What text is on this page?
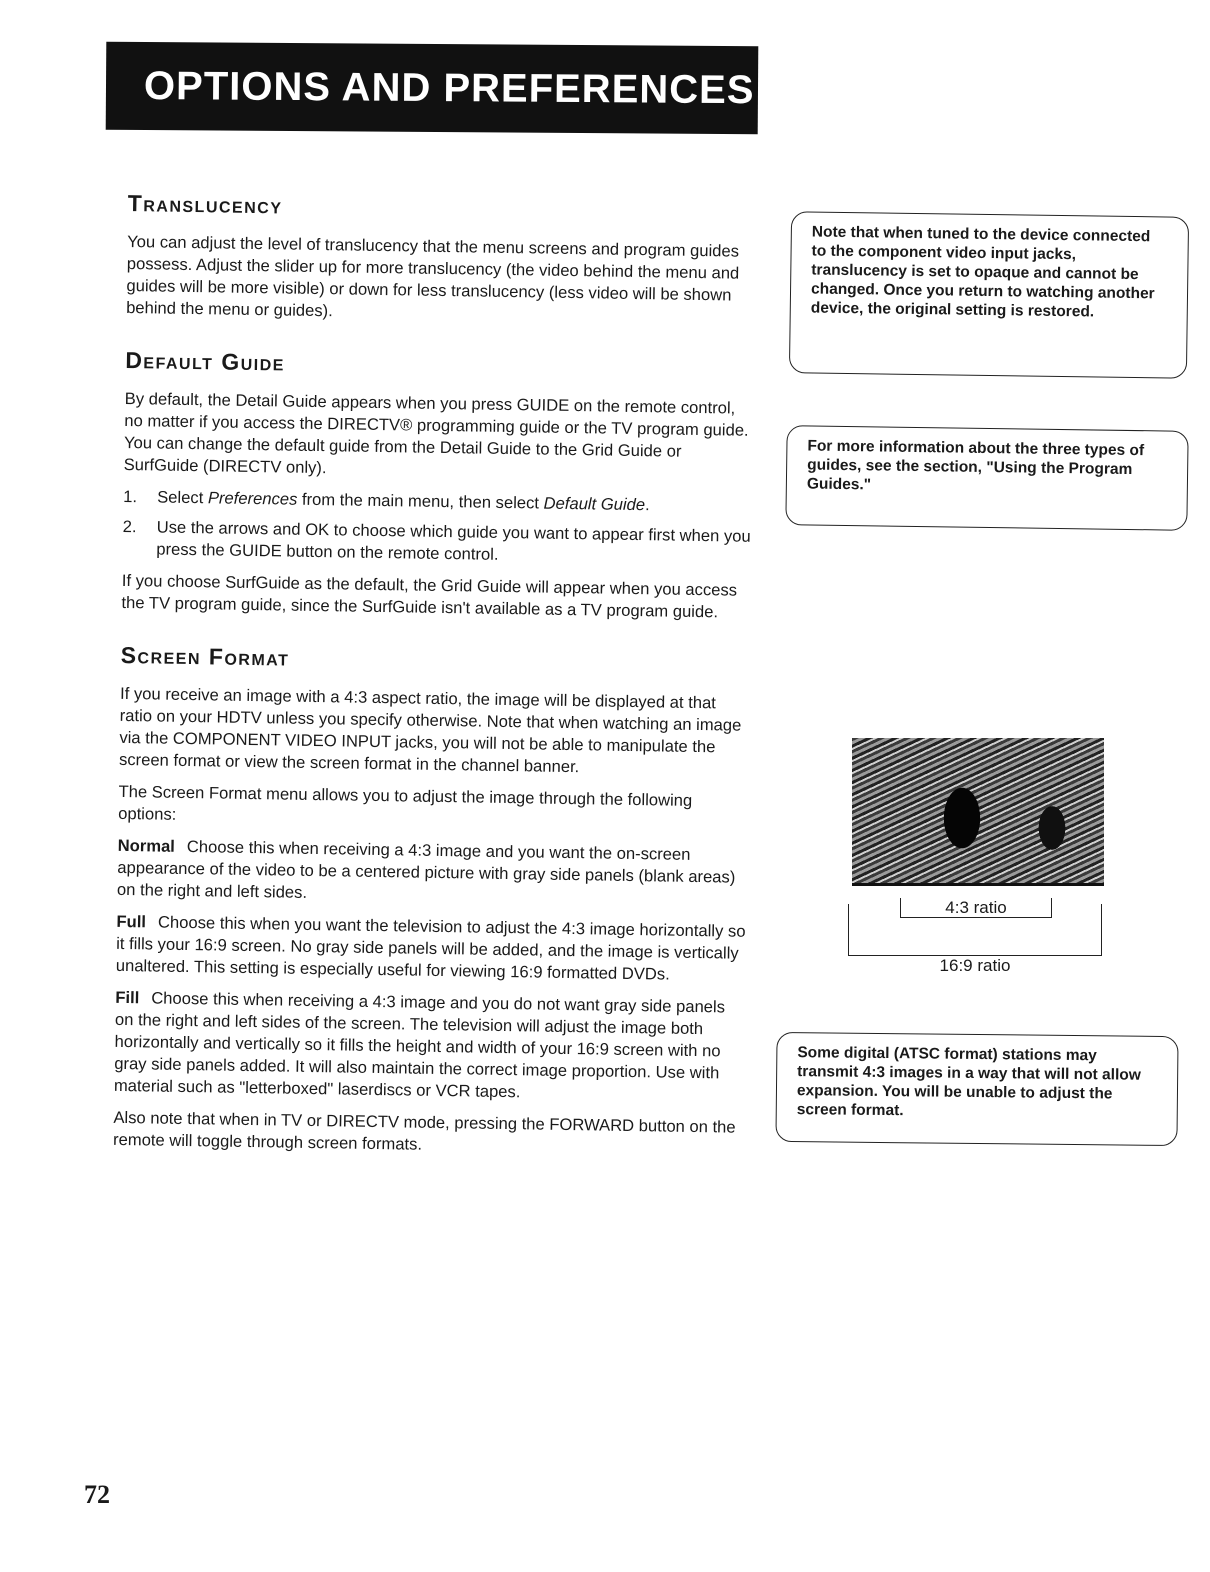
OPTIONS AND PREFERENCES
Translucency

You can adjust the level of translucency that the menu screens and program guides possess. Adjust the slider up for more translucency (the video behind the menu and guides will be more visible) or down for less translucency (less video will be shown behind the menu or guides).

Default Guide

By default, the Detail Guide appears when you press GUIDE on the remote control, no matter if you access the DIRECTV® programming guide or the TV program guide. You can change the default guide from the Detail Guide to the Grid Guide or SurfGuide (DIRECTV only).

1.	Select Preferences from the main menu, then select Default Guide.
2.	Use the arrows and OK to choose which guide you want to appear first when you press the GUIDE button on the remote control.

If you choose SurfGuide as the default, the Grid Guide will appear when you access the TV program guide, since the SurfGuide isn't available as a TV program guide.

Screen Format

If you receive an image with a 4:3 aspect ratio, the image will be displayed at that ratio on your HDTV unless you specify otherwise. Note that when watching an image via the COMPONENT VIDEO INPUT jacks, you will not be able to manipulate the screen format or view the screen format in the channel banner.

The Screen Format menu allows you to adjust the image through the following options:

Normal Choose this when receiving a 4:3 image and you want the on-screen appearance of the video to be a centered picture with gray side panels (blank areas) on the right and left sides.

Full Choose this when you want the television to adjust the 4:3 image horizontally so it fills your 16:9 screen. No gray side panels will be added, and the image is vertically unaltered. This setting is especially useful for viewing 16:9 formatted DVDs.

Fill Choose this when receiving a 4:3 image and you do not want gray side panels on the right and left sides of the screen. The television will adjust the image both horizontally and vertically so it fills the height and width of your 16:9 screen with no gray side panels added. It will also maintain the correct image proportion. Use with material such as "letterboxed" laserdiscs or VCR tapes.

Also note that when in TV or DIRECTV mode, pressing the FORWARD button on the remote will toggle through screen formats.

Note that when tuned to the device connected to the component video input jacks, translucency is set to opaque and cannot be changed. Once you return to watching another device, the original setting is restored.
For more information about the three types of guides, see the section, "Using the Program Guides."
4:3 ratio
16:9 ratio
Some digital (ATSC format) stations may transmit 4:3 images in a way that will not allow expansion. You will be unable to adjust the screen format.
72
